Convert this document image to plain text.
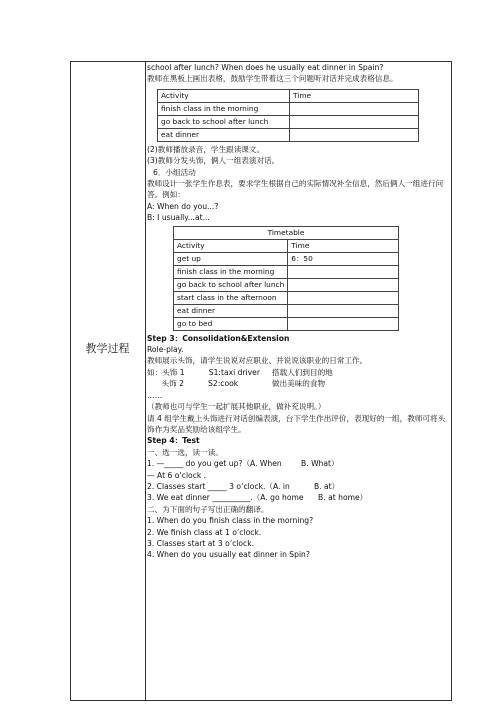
教学过程

school after lunch? When does he usually eat dinner in Spain?

教师在黑板上画出表格，鼓励学生带着这三个问题听对话并完成表格信息。

Activity	Time
finish class in the morning	
go back to school after lunch	
eat dinner	

(2)教师播放录音，学生跟读课文。

(3)教师分发头饰，俩人一组表演对话。

6．小组活动

教师设计一张学生作息表，要求学生根据自己的实际情况补全信息，然后俩人一组进行问答。例如：

A: When do you...?

B: I usually...at...

Timetable	
Activity	Time
get up	6：50
finish class in the morning	
go back to school after lunch	
start class in the afternoon	
eat dinner	
go to bed	

Step 3：Consolidation&Extension

Role-play.

教师展示头饰，请学生说说对应职业、并说说该职业的日常工作。

如：头饰 1          S1:taxi driver     搭载人们到目的地

头饰 2          S2:cook              做出美味的食物

……

（教师也可与学生一起扩展其他职业，做补充说明。）

请 4 组学生戴上头饰进行对话创编表演，台下学生作出评价，表现好的一组，教师可将头饰作为奖品奖励给该组学生。

Step 4：Test

一、选一选，读一读。

1. —_____ do you get up?（A. When        B. What）

— At 6 o’clock .

2. Classes start _____ 3 o’clock.（A. in          B. at）

3. We eat dinner __________.（A. go home      B. at home）

二、为下面的句子写出正确的翻译。

1. When do you finish class in the morning?

2. We finish class at 1 o’clock.

3. Classes start at 3 o’clock.

4. When do you usually eat dinner in Spin?
